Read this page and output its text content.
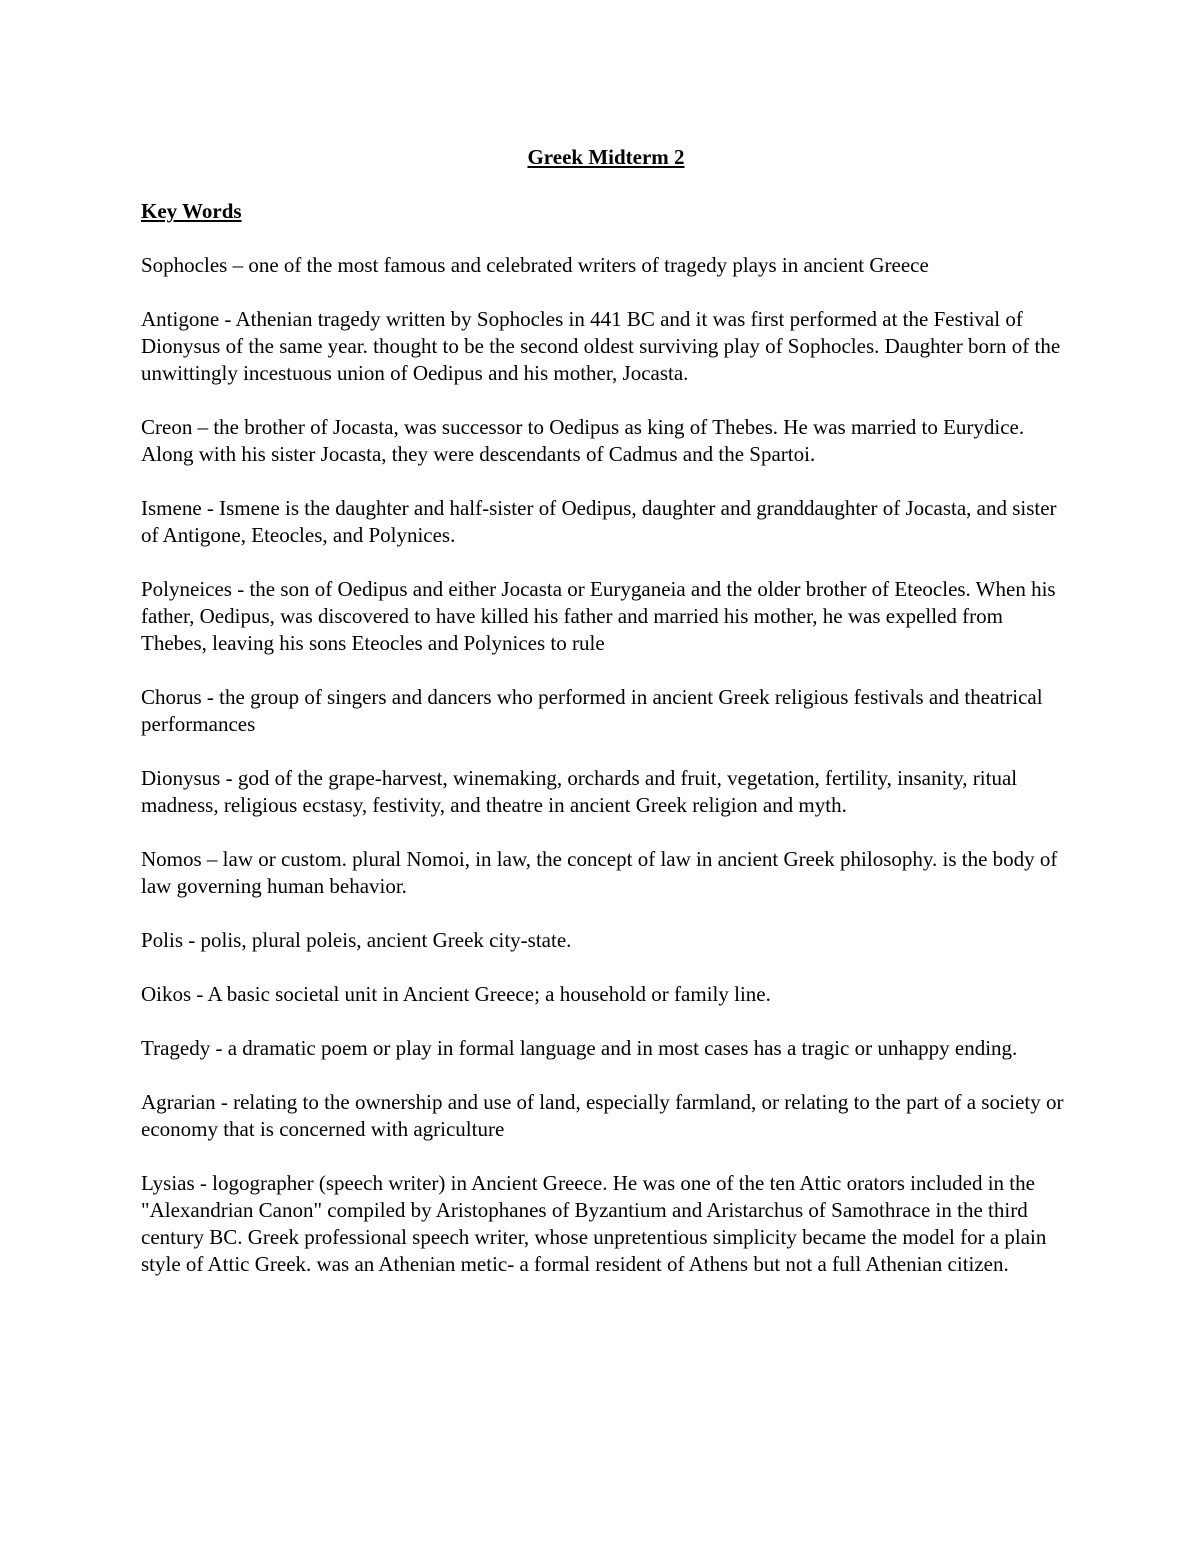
Greek Midterm 2
Key Words

Sophocles – one of the most famous and celebrated writers of tragedy plays in ancient Greece

Antigone - Athenian tragedy written by Sophocles in 441 BC and it was first performed at the Festival of Dionysus of the same year. thought to be the second oldest surviving play of Sophocles. Daughter born of the unwittingly incestuous union of Oedipus and his mother, Jocasta.

Creon – the brother of Jocasta, was successor to Oedipus as king of Thebes. He was married to Eurydice. Along with his sister Jocasta, they were descendants of Cadmus and the Spartoi.

Ismene - Ismene is the daughter and half-sister of Oedipus, daughter and granddaughter of Jocasta, and sister of Antigone, Eteocles, and Polynices.

Polyneices - the son of Oedipus and either Jocasta or Euryganeia and the older brother of Eteocles. When his father, Oedipus, was discovered to have killed his father and married his mother, he was expelled from Thebes, leaving his sons Eteocles and Polynices to rule

Chorus - the group of singers and dancers who performed in ancient Greek religious festivals and theatrical performances

Dionysus - god of the grape-harvest, winemaking, orchards and fruit, vegetation, fertility, insanity, ritual madness, religious ecstasy, festivity, and theatre in ancient Greek religion and myth.

Nomos – law or custom. plural Nomoi, in law, the concept of law in ancient Greek philosophy. is the body of law governing human behavior.

Polis - polis, plural poleis, ancient Greek city-state.

Oikos - A basic societal unit in Ancient Greece; a household or family line.

Tragedy - a dramatic poem or play in formal language and in most cases has a tragic or unhappy ending.

Agrarian - relating to the ownership and use of land, especially farmland, or relating to the part of a society or economy that is concerned with agriculture

Lysias - logographer (speech writer) in Ancient Greece. He was one of the ten Attic orators included in the "Alexandrian Canon" compiled by Aristophanes of Byzantium and Aristarchus of Samothrace in the third century BC. Greek professional speech writer, whose unpretentious simplicity became the model for a plain style of Attic Greek. was an Athenian metic- a formal resident of Athens but not a full Athenian citizen.
